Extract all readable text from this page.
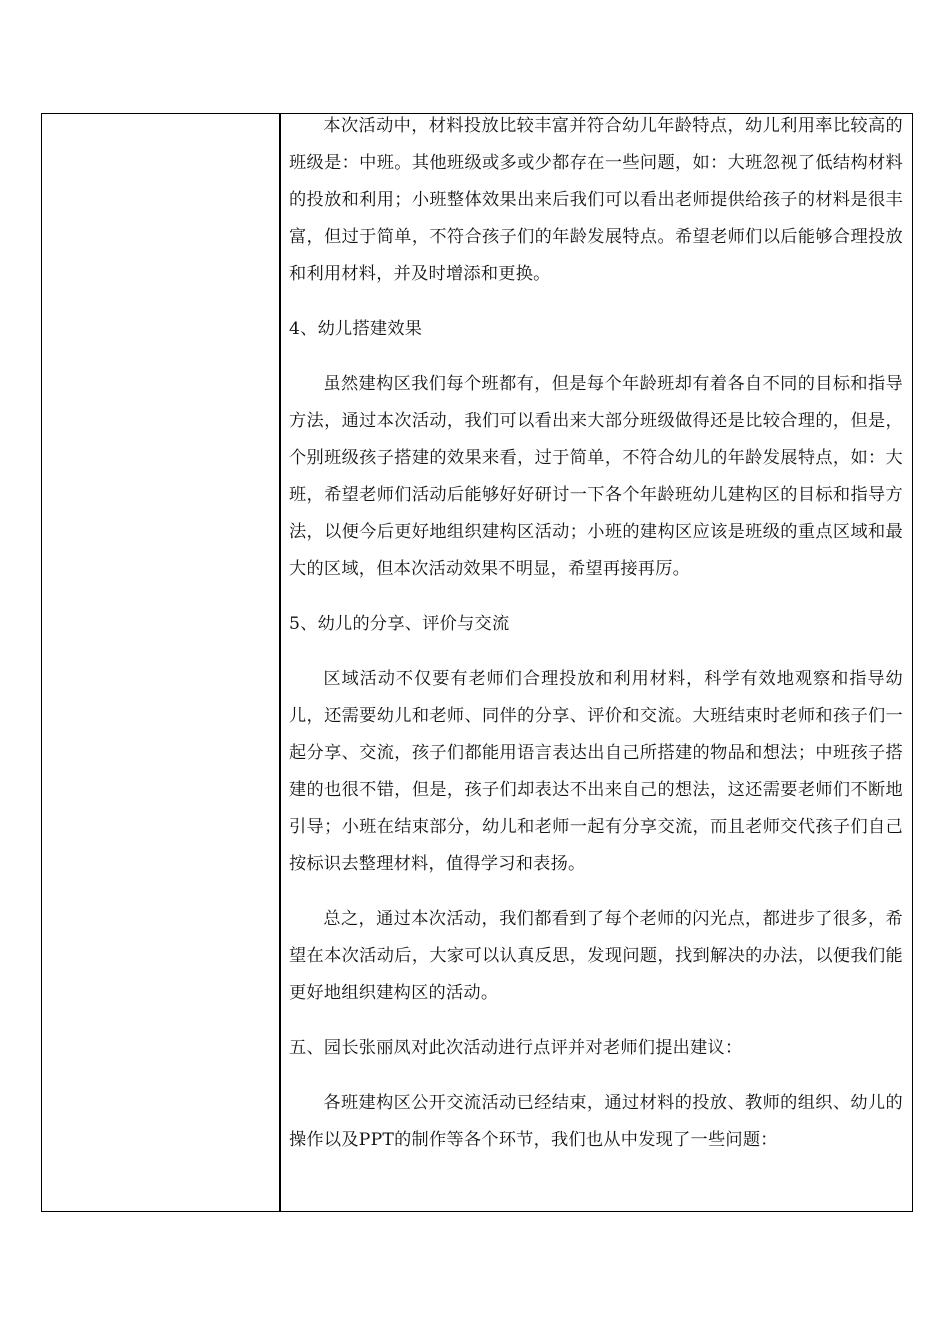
本次活动中，材料投放比较丰富并符合幼儿年龄特点，幼儿利用率比较高的班级是：中班。其他班级或多或少都存在一些问题，如：大班忽视了低结构材料的投放和利用；小班整体效果出来后我们可以看出老师提供给孩子的材料是很丰富，但过于简单，不符合孩子们的年龄发展特点。希望老师们以后能够合理投放和利用材料，并及时增添和更换。

4、幼儿搭建效果

虽然建构区我们每个班都有，但是每个年龄班却有着各自不同的目标和指导方法，通过本次活动，我们可以看出来大部分班级做得还是比较合理的，但是，个别班级孩子搭建的效果来看，过于简单，不符合幼儿的年龄发展特点，如：大班，希望老师们活动后能够好好研讨一下各个年龄班幼儿建构区的目标和指导方法，以便今后更好地组织建构区活动；小班的建构区应该是班级的重点区域和最大的区域，但本次活动效果不明显，希望再接再厉。

5、幼儿的分享、评价与交流

区域活动不仅要有老师们合理投放和利用材料，科学有效地观察和指导幼儿，还需要幼儿和老师、同伴的分享、评价和交流。大班结束时老师和孩子们一起分享、交流，孩子们都能用语言表达出自己所搭建的物品和想法；中班孩子搭建的也很不错，但是，孩子们却表达不出来自己的想法，这还需要老师们不断地引导；小班在结束部分，幼儿和老师一起有分享交流，而且老师交代孩子们自己按标识去整理材料，值得学习和表扬。

总之，通过本次活动，我们都看到了每个老师的闪光点，都进步了很多，希望在本次活动后，大家可以认真反思，发现问题，找到解决的办法，以便我们能更好地组织建构区的活动。

五、园长张丽凤对此次活动进行点评并对老师们提出建议：

各班建构区公开交流活动已经结束，通过材料的投放、教师的组织、幼儿的操作以及PPT的制作等各个环节，我们也从中发现了一些问题：
